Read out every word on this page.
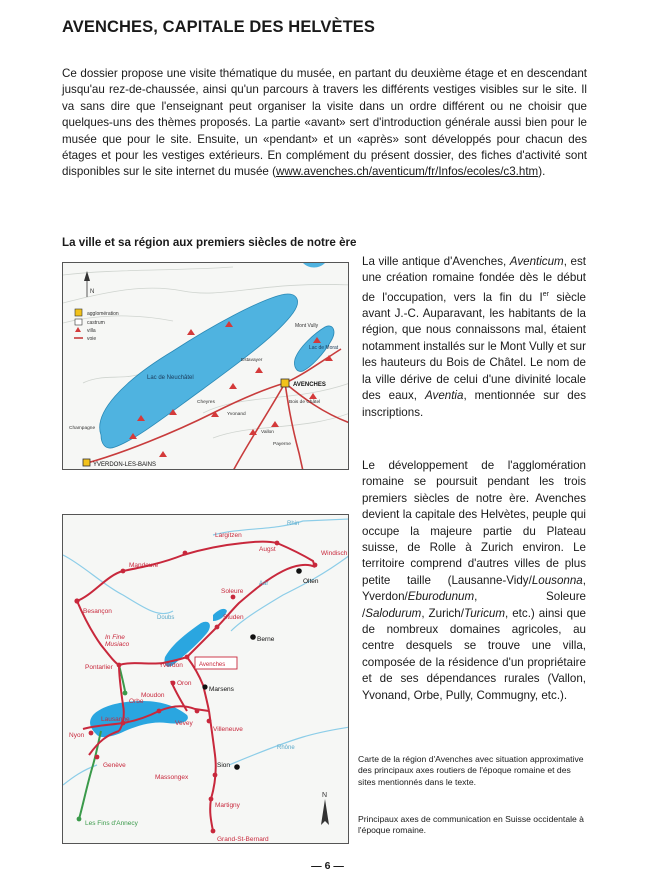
AVENCHES, CAPITALE DES HELVÈTES

Ce dossier propose une visite thématique du musée, en partant du deuxième étage et en descendant jusqu'au rez-de-chaussée, ainsi qu'un parcours à travers les différents vestiges visibles sur le site. Il va sans dire que l'enseignant peut organiser la visite dans un ordre différent ou ne choisir que quelques-uns des thèmes proposés. La partie «avant» sert d'introduction générale aussi bien pour le musée que pour le site. Ensuite, un «pendant» et un «après» sont développés pour chacun des étages et pour les vestiges extérieurs. En complément du présent dossier, des fiches d'activité sont disponibles sur le site internet du musée (www.avenches.ch/aventicum/fr/Infos/ecoles/c3.htm).

La ville et sa région aux premiers siècles de notre ère
agglomération
castrum
villa
voie
N
Lac de Neuchâtel
Lac de Morat
Mont Vully
AVENCHES
Bois de Châtel
YVERDON-LES-BAINS
Champagne
Yvonand
Vallon
Estavayer
Cheyres
Payerne

La ville antique d'Avenches, Aventicum, est une création romaine fondée dès le début de l'occupation, vers la fin du Ier siècle avant J.-C. Auparavant, les habitants de la région, que nous connaissons mal, étaient notamment installés sur le Mont Vully et sur les hauteurs du Bois de Châtel. Le nom de la ville dérive de celui d'une divinité locale des eaux, Aventia, mentionnée sur des inscriptions.

Le développement de l'agglomération romaine se poursuit pendant les trois premiers siècles de notre ère. Avenches devient la capitale des Helvètes, peuple qui occupe la majeure partie du Plateau suisse, de Rolle à Zurich environ. Le territoire comprend d'autres villes de plus petite taille (Lausanne-Vidy/Lousonna, Yverdon/Eburodunum, Soleure /Salodurum, Zurich/Turicum, etc.) ainsi que de nombreux domaines agricoles, au centre desquels se trouve une villa, composée de la résidence d'un propriétaire et de ses dépendances rurales (Vallon, Yvonand, Orbe, Pully, Commugny, etc.).

N
Rhin
Aar
Doubs
Rhône
Largitzen
Augst
Windisch
Mandeure
Olten
Besançon
Soleure
Studen
In Fine Musiaco
Berne
Pontarlier	Yverdon	Avenches
Orbe
Marsens
Moudon
Oron
Lausanne
Vevey
Nyon
Villeneuve
Genève
Massongex
Sion
Martigny
Les Fins d'Annecy
Grand-St-Bernard

Carte de la région d'Avenches avec situation approximative des principaux axes routiers de l'époque romaine et des sites mentionnés dans le texte.

Principaux axes de communication en Suisse occidentale à l'époque romaine.

— 6 —
